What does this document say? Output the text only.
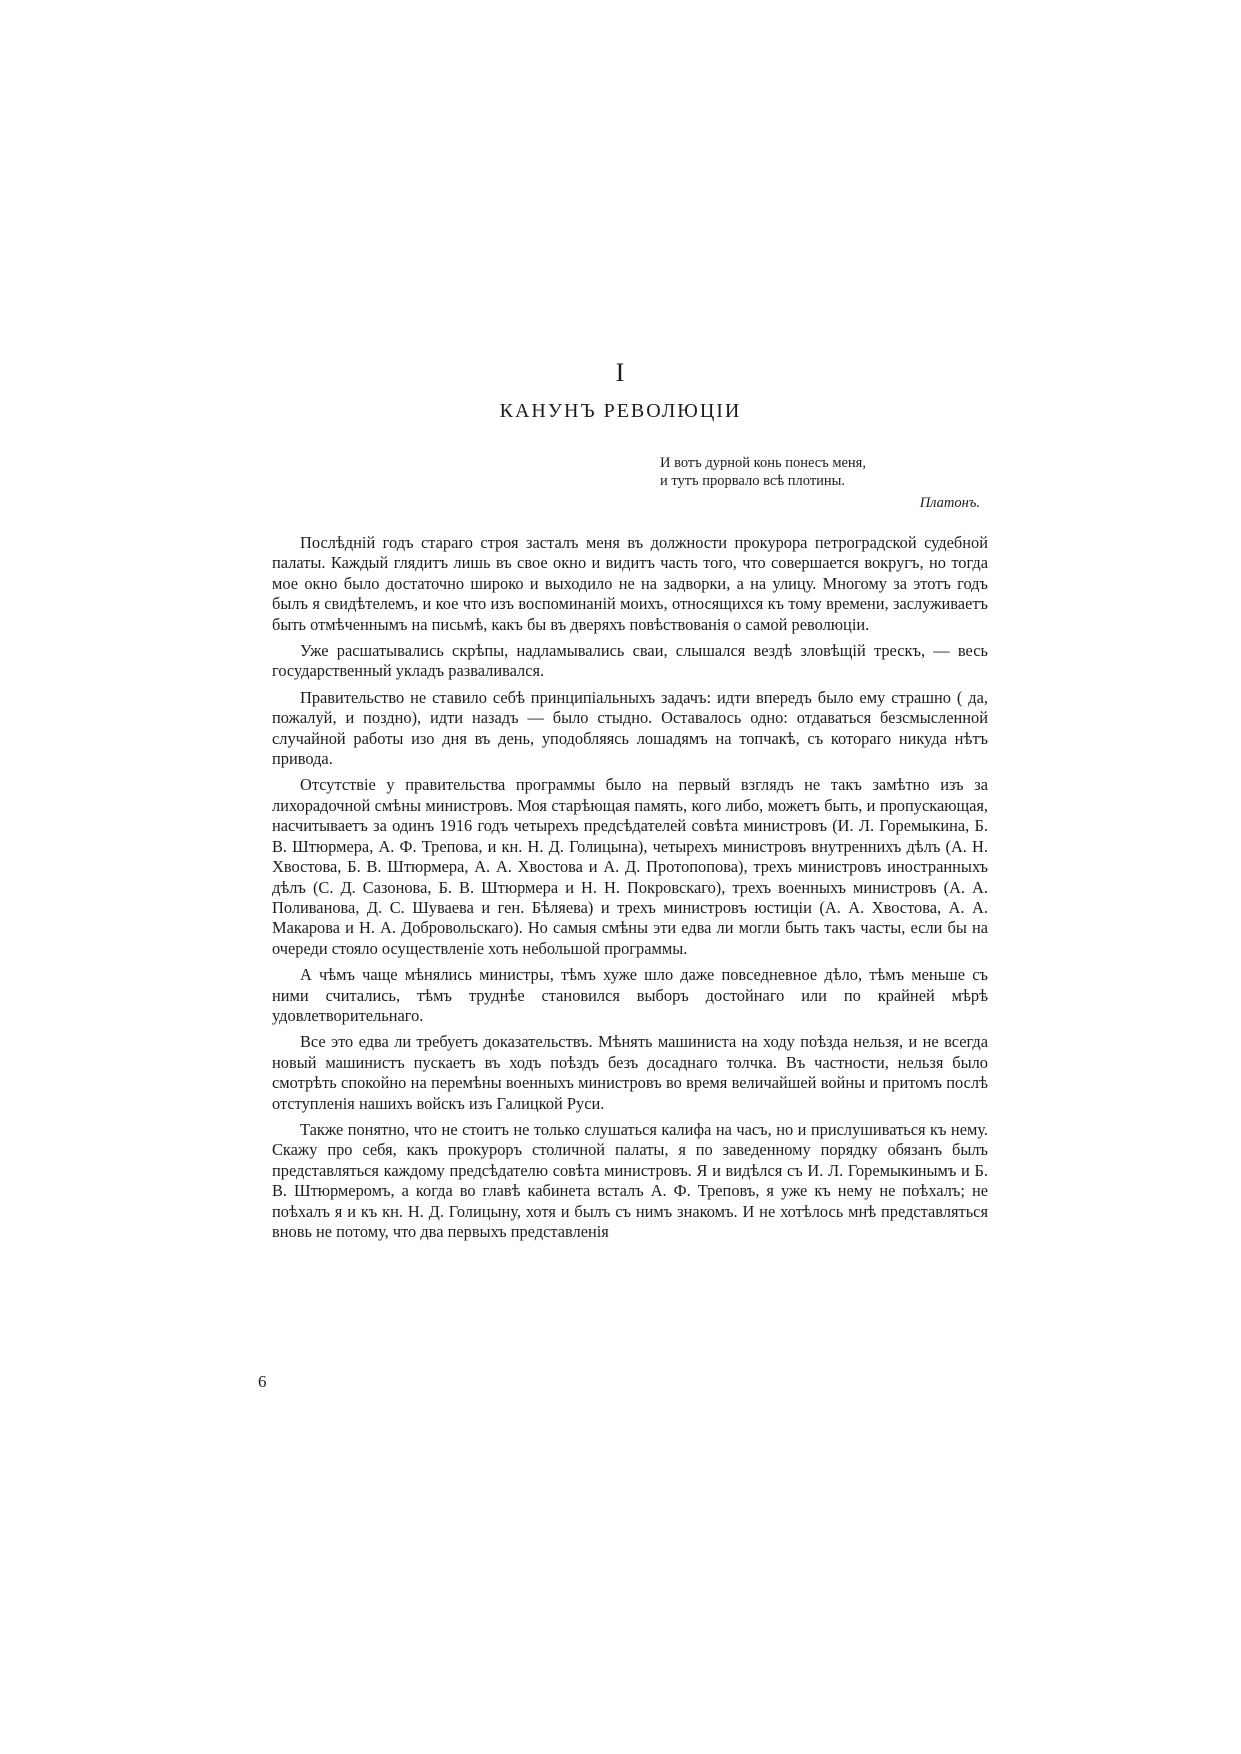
I
КАНУНЪ РЕВОЛЮЦІИ
И вотъ дурной конь понесъ меня,
и тутъ прорвало всѣ плотины.
Платонъ.

Послѣдній годъ стараго строя засталъ меня въ должности прокурора петроградской судебной палаты. Каждый глядитъ лишь въ свое окно и видитъ часть того, что совершается вокругъ, но тогда мое окно было достаточно широко и выходило не на задворки, а на улицу. Многому за этотъ годъ былъ я свидѣтелемъ, и кое что изъ воспоминаній моихъ, относящихся къ тому времени, заслуживаетъ быть отмѣченнымъ на письмѣ, какъ бы въ дверяхъ повѣствованія о самой революціи.

Уже расшатывались скрѣпы, надламывались сваи, слышался вездѣ зловѣщій трескъ, — весь государственный укладъ разваливался.

Правительство не ставило себѣ принципіальныхъ задачъ: идти впередъ было ему страшно ( да, пожалуй, и поздно), идти назадъ — было стыдно. Оставалось одно: отдаваться безсмысленной случайной работы изо дня въ день, уподобляясь лошадямъ на топчакѣ, съ котораго никуда нѣтъ привода.

Отсутствіе у правительства программы было на первый взглядъ не такъ замѣтно изъ за лихорадочной смѣны министровъ. Моя старѣющая память, кого либо, можетъ быть, и пропускающая, насчитываетъ за одинъ 1916 годъ четырехъ предсѣдателей совѣта министровъ (И. Л. Горемыкина, Б. В. Штюрмера, А. Ф. Трепова, и кн. Н. Д. Голицына), четырехъ министровъ внутреннихъ дѣлъ (А. Н. Хвостова, Б. В. Штюрмера, А. А. Хвостова и А. Д. Протопопова), трехъ министровъ иностранныхъ дѣлъ (С. Д. Сазонова, Б. В. Штюрмера и Н. Н. Покровскаго), трехъ военныхъ министровъ (А. А. Поливанова, Д. С. Шуваева и ген. Бѣляева) и трехъ министровъ юстиціи (А. А. Хвостова, А. А. Макарова и Н. А. Добровольскаго). Но самыя смѣны эти едва ли могли быть такъ часты, если бы на очереди стояло осуществленіе хоть небольшой программы.

А чѣмъ чаще мѣнялись министры, тѣмъ хуже шло даже повседневное дѣло, тѣмъ меньше съ ними считались, тѣмъ труднѣе становился выборъ достойнаго или по крайней мѣрѣ удовлетворительнаго.

Все это едва ли требуетъ доказательствъ. Мѣнять машиниста на ходу поѣзда нельзя, и не всегда новый машинистъ пускаетъ въ ходъ поѣздъ безъ досаднаго толчка. Въ частности, нельзя было смотрѣть спокойно на перемѣны военныхъ министровъ во время величайшей войны и притомъ послѣ отступленія нашихъ войскъ изъ Галицкой Руси.

Также понятно, что не стоитъ не только слушаться калифа на часъ, но и прислушиваться къ нему. Скажу про себя, какъ прокуроръ столичной палаты, я по заведенному порядку обязанъ былъ представляться каждому предсѣдателю совѣта министровъ. Я и видѣлся съ И. Л. Горемыкинымъ и Б. В. Штюрмеромъ, а когда во главѣ кабинета всталъ А. Ф. Треповъ, я уже къ нему не поѣхалъ; не поѣхалъ я и къ кн. Н. Д. Голицыну, хотя и былъ съ нимъ знакомъ. И не хотѣлось мнѣ представляться вновь не потому, что два первыхъ представленія

6
